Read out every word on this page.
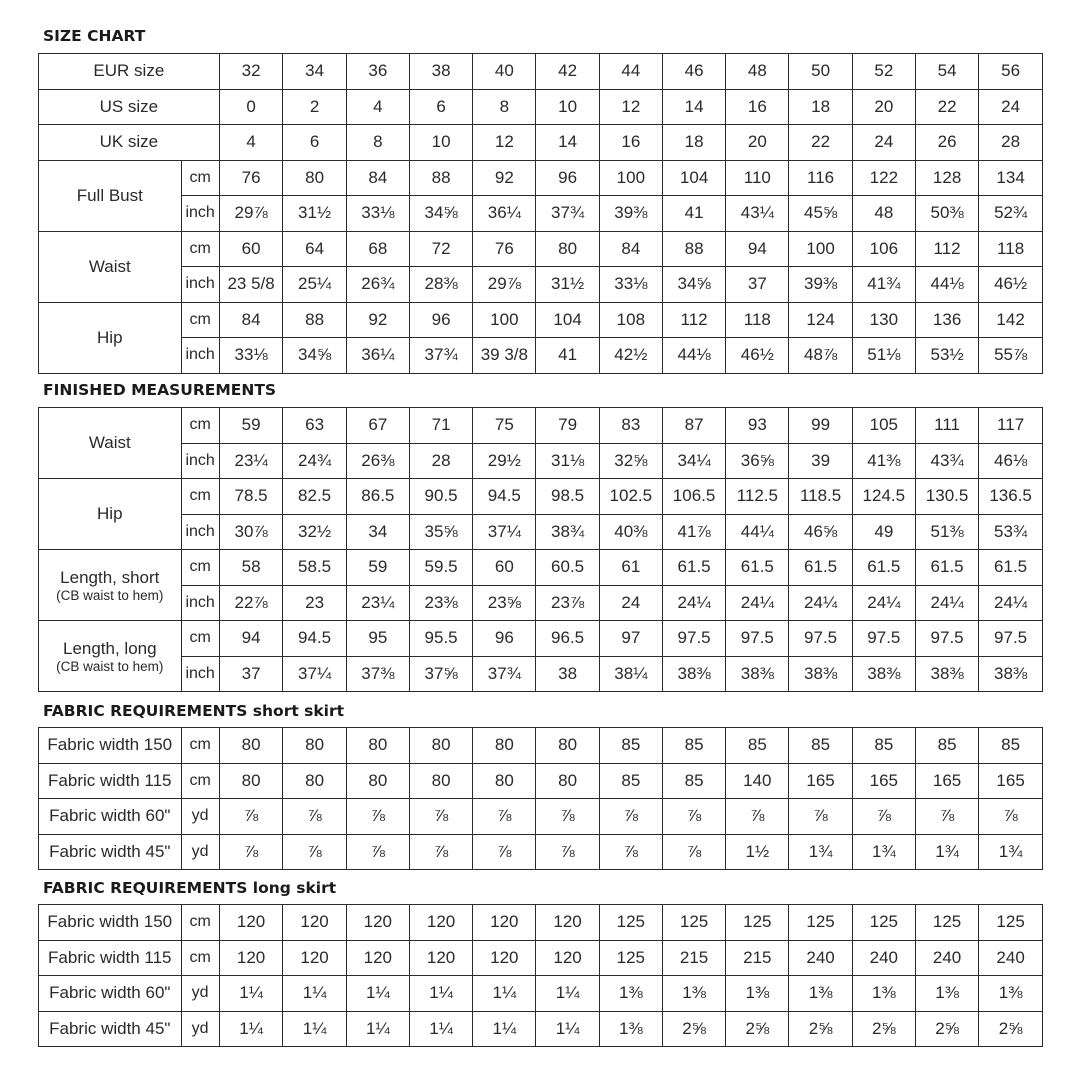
SIZE CHART
EUR size		32	34	36	38	40	42	44	46	48	50	52	54	56
US size		0	2	4	6	8	10	12	14	16	18	20	22	24
UK size		4	6	8	10	12	14	16	18	20	22	24	26	28
Full Bust	cm	76	80	84	88	92	96	100	104	110	116	122	128	134
	inch	29⅞	31½	33⅛	34⅝	36¼	37¾	39⅜	41	43¼	45⅝	48	50⅜	52¾
Waist	cm	60	64	68	72	76	80	84	88	94	100	106	112	118
	inch	23 5/8	25¼	26¾	28⅜	29⅞	31½	33⅛	34⅝	37	39⅜	41¾	44⅛	46½
Hip	cm	84	88	92	96	100	104	108	112	118	124	130	136	142
	inch	33⅛	34⅝	36¼	37¾	39 3/8	41	42½	44⅛	46½	48⅞	51⅛	53½	55⅞
FINISHED MEASUREMENTS
Waist	cm	59	63	67	71	75	79	83	87	93	99	105	111	117
	inch	23¼	24¾	26⅜	28	29½	31⅛	32⅝	34¼	36⅝	39	41⅜	43¾	46⅛

Hip	cm	78.5	82.5	86.5	90.5	94.5	98.5	102.5	106.5	112.5	118.5	124.5	130.5	136.5
	inch	30⅞	32½	34	35⅝	37¼	38¾	40⅜	41⅞	44¼	46⅝	49	51⅜	53¾

Length, short
(CB waist to hem)	cm	58	58.5	59	59.5	60	60.5	61	61.5	61.5	61.5	61.5	61.5	61.5
	inch	22⅞	23	23¼	23⅜	23⅝	23⅞	24	24¼	24¼	24¼	24¼	24¼	24¼

Length, long
(CB waist to hem)	cm	94	94.5	95	95.5	96	96.5	97	97.5	97.5	97.5	97.5	97.5	97.5
	inch	37	37¼	37⅜	37⅝	37¾	38	38¼	38⅜	38⅜	38⅜	38⅜	38⅜	38⅜
FABRIC REQUIREMENTS short skirt
Fabric width 150	cm	80	80	80	80	80	80	85	85	85	85	85	85	85
Fabric width 115	cm	80	80	80	80	80	80	85	85	140	165	165	165	165
Fabric width 60"	yd	⅞	⅞	⅞	⅞	⅞	⅞	⅞	⅞	⅞	⅞	⅞	⅞	⅞
Fabric width 45"	yd	⅞	⅞	⅞	⅞	⅞	⅞	⅞	⅞	1½	1¾	1¾	1¾	1¾
FABRIC REQUIREMENTS long skirt
Fabric width 150	cm	120	120	120	120	120	120	125	125	125	125	125	125	125
Fabric width 115	cm	120	120	120	120	120	120	125	215	215	240	240	240	240
Fabric width 60"	yd	1¼	1¼	1¼	1¼	1¼	1¼	1⅜	1⅜	1⅜	1⅜	1⅜	1⅜	1⅜
Fabric width 45"	yd	1¼	1¼	1¼	1¼	1¼	1¼	1⅜	2⅝	2⅝	2⅝	2⅝	2⅝	2⅝
